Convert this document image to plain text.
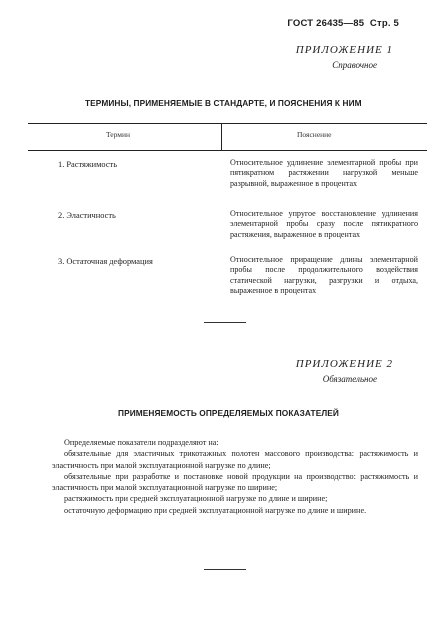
ГОСТ 26435—85 Стр. 5
ПРИЛОЖЕНИЕ 1
Справочное
ТЕРМИНЫ, ПРИМЕНЯЕМЫЕ В СТАНДАРТЕ, И ПОЯСНЕНИЯ К НИМ
Термин	Пояснение
1. Растяжимость	Относительное удлинение элементарной пробы при пятикратном растяжении нагрузкой меньше разрывной, выраженное в процентах
2. Эластичность	Относительное упругое восстановление удлинения элементарной пробы сразу после пятикратного растяжения, выраженное в процентах
3. Остаточная деформация	Относительное приращение длины элементарной пробы после продолжительного воздействия статической нагрузки, разгрузки и отдыха, выраженное в процентах
ПРИЛОЖЕНИЕ 2
Обязательное
ПРИМЕНЯЕМОСТЬ ОПРЕДЕЛЯЕМЫХ ПОКАЗАТЕЛЕЙ

Определяемые показатели подразделяют на:

обязательные для эластичных трикотажных полотен массового производства: растяжимость и эластичность при малой эксплуатационной нагрузке по длине;

обязательные при разработке и постановке новой продукции на производство: растяжимость и эластичность при малой эксплуатационной нагрузке по ширине;

растяжимость при средней эксплуатационной нагрузке по длине и ширине;

остаточную деформацию при средней эксплуатационной нагрузке по длине и ширине.
